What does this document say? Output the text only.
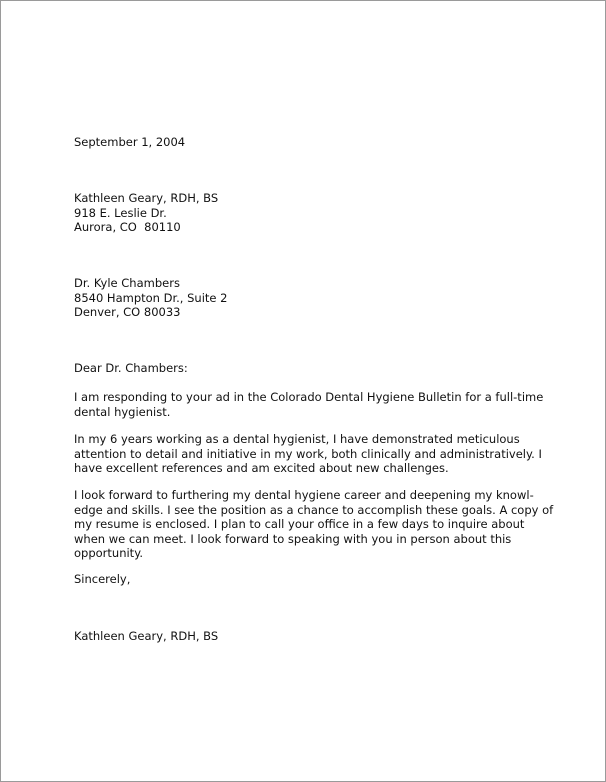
September 1, 2004
Kathleen Geary, RDH, BS
918 E. Leslie Dr.
Aurora, CO  80110
Dr. Kyle Chambers
8540 Hampton Dr., Suite 2
Denver, CO 80033
Dear Dr. Chambers:
I am responding to your ad in the Colorado Dental Hygiene Bulletin for a full-time
dental hygienist.
In my 6 years working as a dental hygienist, I have demonstrated meticulous
attention to detail and initiative in my work, both clinically and administratively. I
have excellent references and am excited about new challenges.
I look forward to furthering my dental hygiene career and deepening my knowl-
edge and skills. I see the position as a chance to accomplish these goals. A copy of
my resume is enclosed. I plan to call your office in a few days to inquire about
when we can meet. I look forward to speaking with you in person about this
opportunity.
Sincerely,
Kathleen Geary, RDH, BS
